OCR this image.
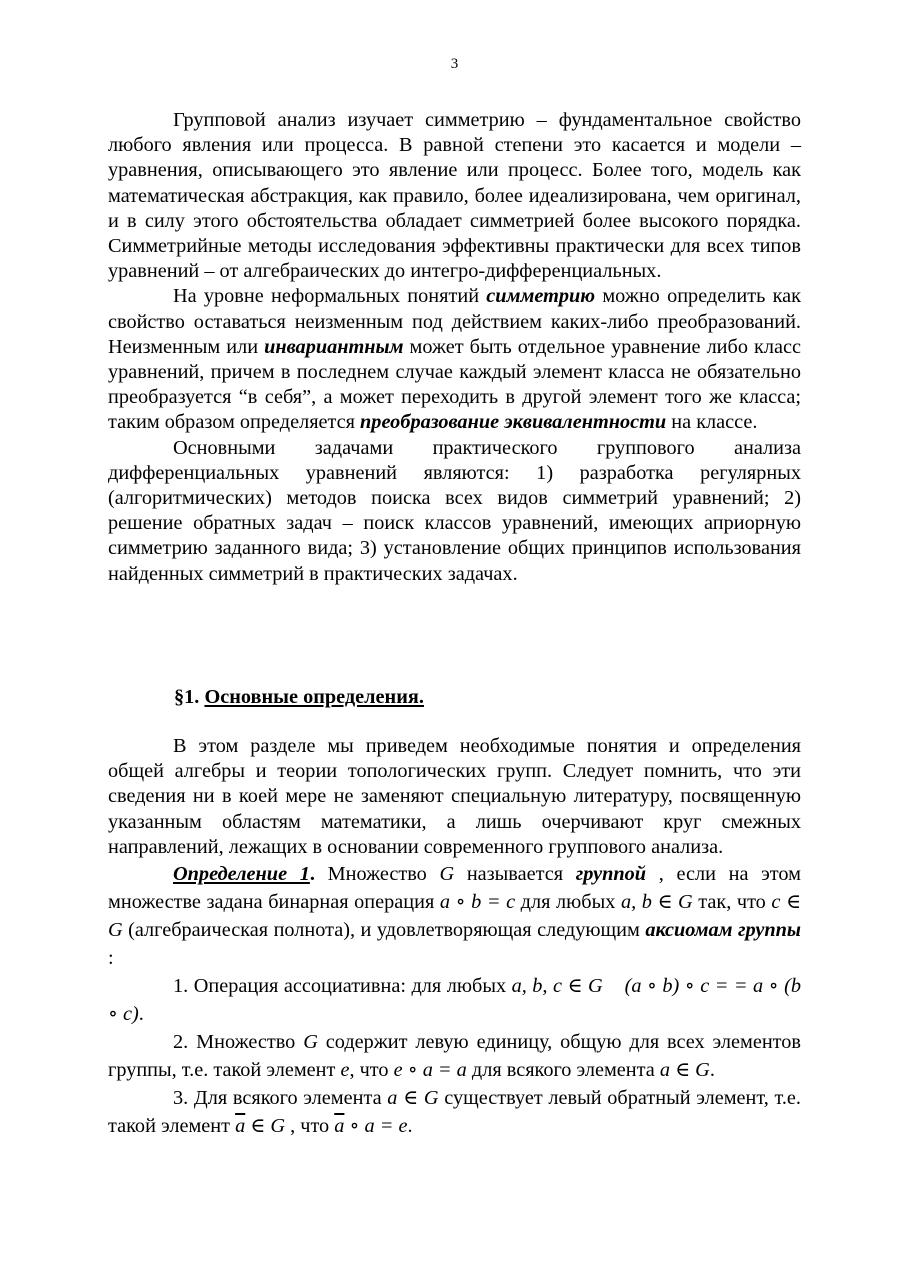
3

Групповой анализ изучает симметрию – фундаментальное свойство любого явления или процесса. В равной степени это касается и модели – уравнения, описывающего это явление или процесс. Более того, модель как математическая абстракция, как правило, более идеализирована, чем оригинал, и в силу этого обстоятельства обладает симметрией более высокого порядка. Симметрийные методы исследования эффективны практически для всех типов уравнений – от алгебраических до интегро-дифференциальных.

На уровне неформальных понятий симметрию можно определить как свойство оставаться неизменным под действием каких-либо преобразований. Неизменным или инвариантным может быть отдельное уравнение либо класс уравнений, причем в последнем случае каждый элемент класса не обязательно преобразуется “в себя”, а может переходить в другой элемент того же класса; таким образом определяется преобразование эквивалентности на классе.

Основными задачами практического группового анализа дифференциальных уравнений являются: 1) разработка регулярных (алгоритмических) методов поиска всех видов симметрий уравнений; 2) решение обратных задач – поиск классов уравнений, имеющих априорную симметрию заданного вида; 3) установление общих принципов использования найденных симметрий в практических задачах.

§1. Основные определения.

В этом разделе мы приведем необходимые понятия и определения общей алгебры и теории топологических групп. Следует помнить, что эти сведения ни в коей мере не заменяют специальную литературу, посвященную указанным областям математики, а лишь очерчивают круг смежных направлений, лежащих в основании современного группового анализа.

Определение 1. Множество G называется группой , если на этом множестве задана бинарная операция a ∘ b = c для любых a, b ∈ G так, что c ∈ G (алгебраическая полнота), и удовлетворяющая следующим аксиомам группы :

1. Операция ассоциативна: для любых a, b, c ∈ G (a ∘ b) ∘ c = = a ∘ (b ∘ c).

2. Множество G содержит левую единицу, общую для всех элементов группы, т.е. такой элемент e, что e ∘ a = a для всякого элемента a ∈ G.

3. Для всякого элемента a ∈ G существует левый обратный элемент, т.е. такой элемент $\overline{a}$ ∈ G , что $\overline{a}$ ∘ a = e.
